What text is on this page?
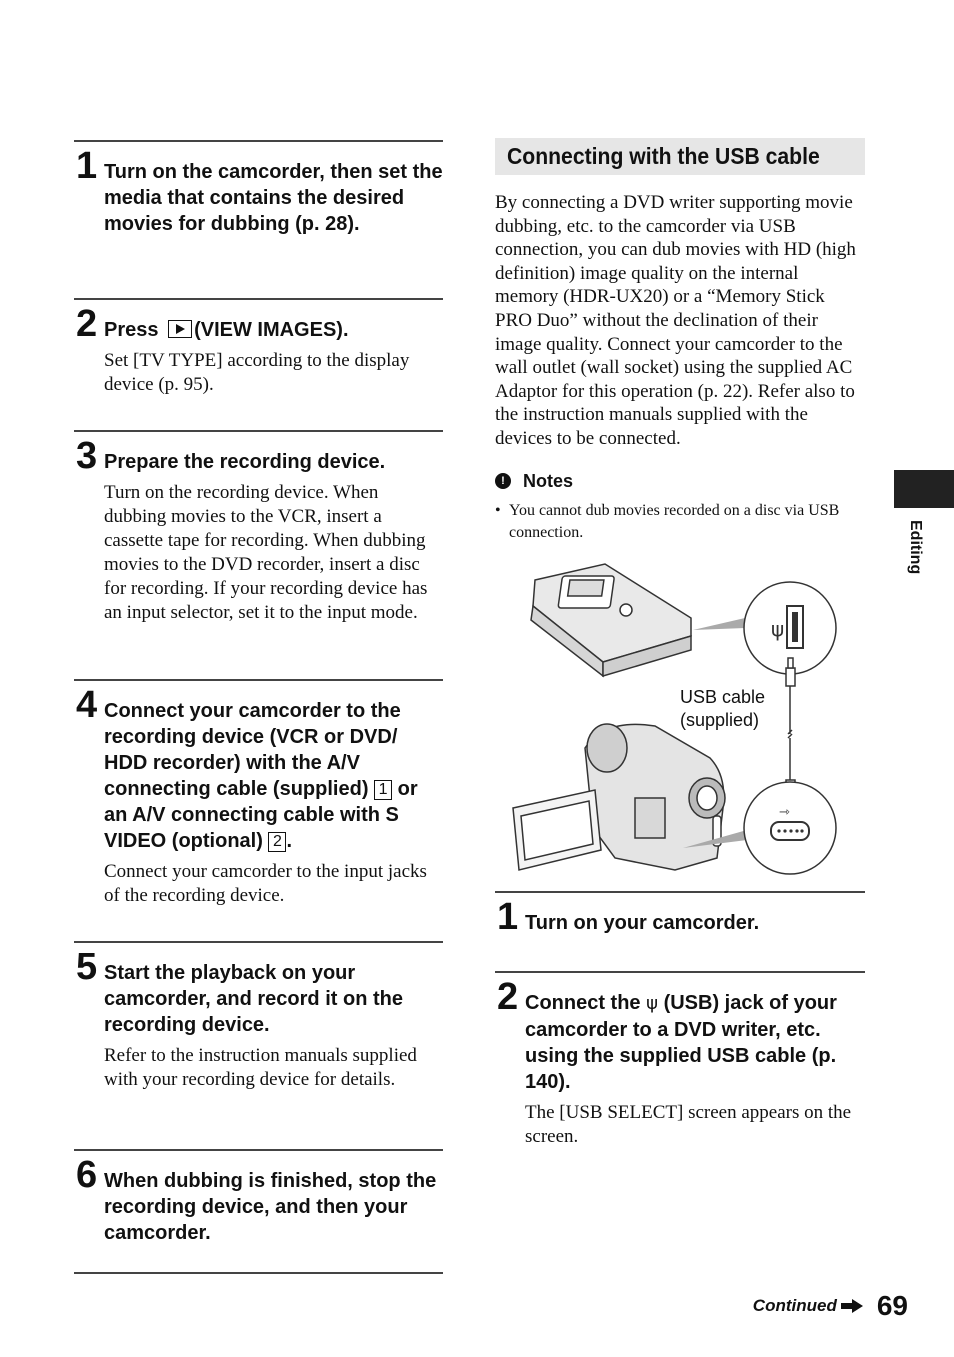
1 Turn on the camcorder, then set the media that contains the desired movies for dubbing (p. 28).
2 Press (VIEW IMAGES).
Set [TV TYPE] according to the display device (p. 95).
3 Prepare the recording device.
Turn on the recording device. When dubbing movies to the VCR, insert a cassette tape for recording. When dubbing movies to the DVD recorder, insert a disc for recording. If your recording device has an input selector, set it to the input mode.
4 Connect your camcorder to the recording device (VCR or DVD/ HDD recorder) with the A/V connecting cable (supplied) 1 or an A/V connecting cable with S VIDEO (optional) 2 .
Connect your camcorder to the input jacks of the recording device.
5 Start the playback on your camcorder, and record it on the recording device.
Refer to the instruction manuals supplied with your recording device for details.
6 When dubbing is finished, stop the recording device, and then your camcorder.
Connecting with the USB cable
By connecting a DVD writer supporting movie dubbing, etc. to the camcorder via USB connection, you can dub movies with HD (high definition) image quality on the internal memory (HDR-UX20) or a “Memory Stick PRO Duo” without the declination of their image quality. Connect your camcorder to the wall outlet (wall socket) using the supplied AC Adaptor for this operation (p. 22). Refer also to the instruction manuals supplied with the devices to be connected.
!	Notes
• You cannot dub movies recorded on a disc via USB connection.
ψ
USB cable
(supplied)
⇾
1 Turn on your camcorder.
2 Connect the ψ (USB) jack of your camcorder to a DVD writer, etc. using the supplied USB cable (p. 140).
The [USB SELECT] screen appears on the screen.
Editing
Continued 69
